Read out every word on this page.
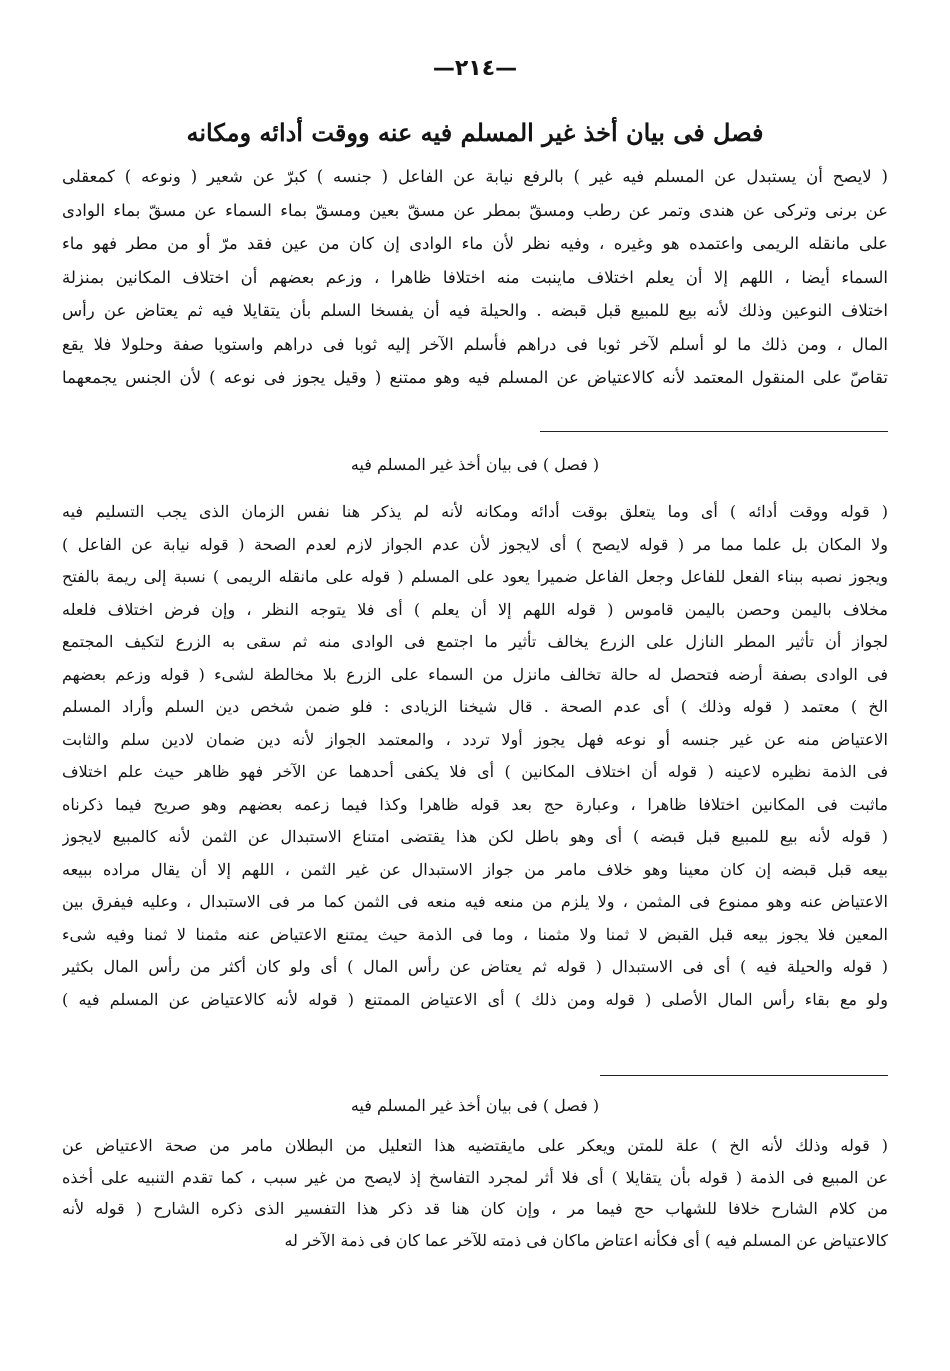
—٢١٤—
فصل فى بيان أخذ غير المسلم فيه عنه ووقت أدائه ومكانه
( لايصح أن يستبدل عن المسلم فيه غير ) بالرفع نيابة عن الفاعل ( جنسه ) كبرّ عن شعير ( ونوعه ) كمعقلى
عن برنى وتركى عن هندى وتمر عن رطب ومسقّ بمطر عن مسقّ بعين ومسقّ بماء السماء عن مسقّ بماء الوادى
على مانقله الريمى واعتمده هو وغيره ، وفيه نظر لأن ماء الوادى إن كان من عين فقد مرّ أو من مطر فهو ماء
السماء أيضا ، اللهم إلا أن يعلم اختلاف ماينبت منه اختلافا ظاهرا ، وزعم بعضهم أن اختلاف المكانين بمنزلة
اختلاف النوعين وذلك لأنه بيع للمبيع قبل قبضه . والحيلة فيه أن يفسخا السلم بأن يتقايلا فيه ثم يعتاض عن رأس
المال ، ومن ذلك ما لو أسلم لآخر ثوبا فى دراهم فأسلم الآخر إليه ثوبا فى دراهم واستويا صفة وحلولا فلا يقع
تقاصّ على المنقول المعتمد لأنه كالاعتياض عن المسلم فيه وهو ممتنع ( وقيل يجوز فى نوعه ) لأن الجنس يجمعهما
( فصل ) فى بيان أخذ غير المسلم فيه
( قوله ووقت أدائه ) أى وما يتعلق بوقت أدائه ومكانه لأنه لم يذكر هنا نفس الزمان الذى يجب التسليم فيه
ولا المكان بل علما مما مر ( قوله لايصح ) أى لايجوز لأن عدم الجواز لازم لعدم الصحة ( قوله نيابة عن الفاعل )
ويجوز نصبه ببناء الفعل للفاعل وجعل الفاعل ضميرا يعود على المسلم ( قوله على مانقله الريمى ) نسبة إلى ريمة بالفتح
مخلاف باليمن وحصن باليمن قاموس ( قوله اللهم إلا أن يعلم ) أى فلا يتوجه النظر ، وإن فرض اختلاف فلعله
لجواز أن تأثير المطر النازل على الزرع يخالف تأثير ما اجتمع فى الوادى منه ثم سقى به الزرع لتكيف المجتمع
فى الوادى بصفة أرضه فتحصل له حالة تخالف مانزل من السماء على الزرع بلا مخالطة لشىء ( قوله وزعم بعضهم
الخ ) معتمد ( قوله وذلك ) أى عدم الصحة . قال شيخنا الزيادى : فلو ضمن شخص دين السلم وأراد المسلم
الاعتياض منه عن غير جنسه أو نوعه فهل يجوز أولا تردد ، والمعتمد الجواز لأنه دين ضمان لادين سلم والثابت
فى الذمة نظيره لاعينه ( قوله أن اختلاف المكانين ) أى فلا يكفى أحدهما عن الآخر فهو ظاهر حيث علم اختلاف
ماثبت فى المكانين اختلافا ظاهرا ، وعبارة حج بعد قوله ظاهرا وكذا فيما زعمه بعضهم وهو صريح فيما ذكرناه
( قوله لأنه بيع للمبيع قبل قبضه ) أى وهو باطل لكن هذا يقتضى امتناع الاستبدال عن الثمن لأنه كالمبيع لايجوز
بيعه قبل قبضه إن كان معينا وهو خلاف مامر من جواز الاستبدال عن غير الثمن ، اللهم إلا أن يقال مراده ببيعه
الاعتياض عنه وهو ممنوع فى المثمن ، ولا يلزم من منعه فيه منعه فى الثمن كما مر فى الاستبدال ، وعليه فيفرق بين
المعين فلا يجوز بيعه قبل القبض لا ثمنا ولا مثمنا ، وما فى الذمة حيث يمتنع الاعتياض عنه مثمنا لا ثمنا وفيه شىء
( قوله والحيلة فيه ) أى فى الاستبدال ( قوله ثم يعتاض عن رأس المال ) أى ولو كان أكثر من رأس المال بكثير
ولو مع بقاء رأس المال الأصلى ( قوله ومن ذلك ) أى الاعتياض الممتنع ( قوله لأنه كالاعتياض عن المسلم فيه )
( فصل ) فى بيان أخذ غير المسلم فيه
( قوله وذلك لأنه الخ ) علة للمتن ويعكر على مايقتضيه هذا التعليل من البطلان مامر من صحة الاعتياض عن
عن المبيع فى الذمة ( قوله بأن يتقايلا ) أى فلا أثر لمجرد التفاسخ إذ لايصح من غير سبب ، كما تقدم التنبيه على أخذه
من كلام الشارح خلافا للشهاب حج فيما مر ، وإن كان هنا قد ذكر هذا التفسير الذى ذكره الشارح ( قوله لأنه
كالاعتياض عن المسلم فيه ) أى فكأنه اعتاض ماكان فى ذمته للآخر عما كان فى ذمة الآخر له
